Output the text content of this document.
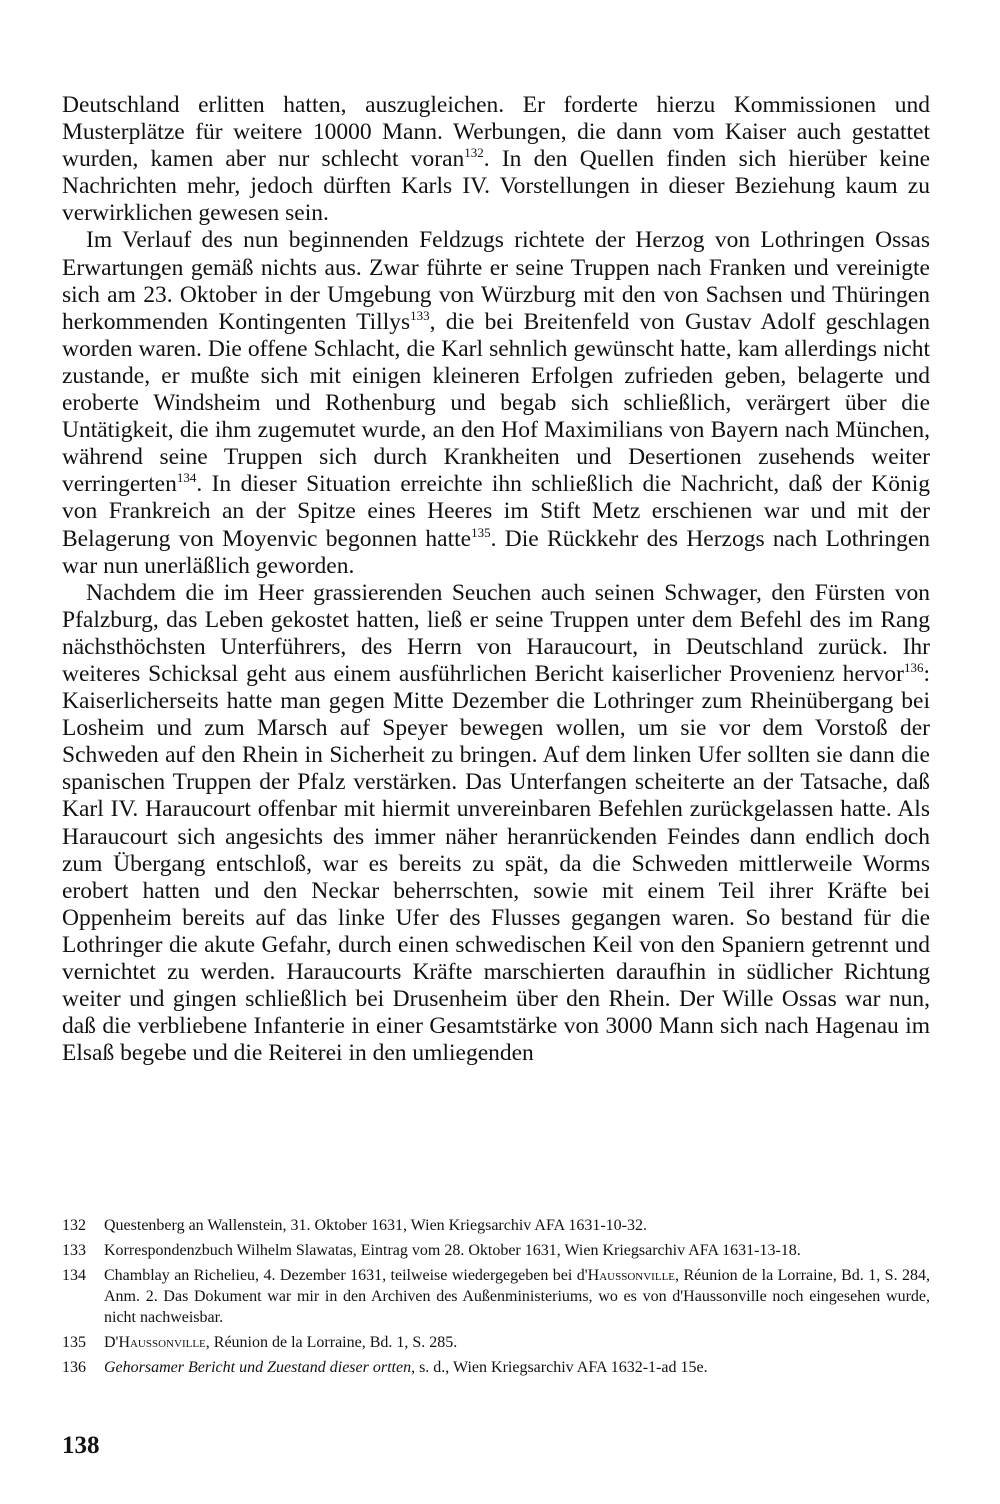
Deutschland erlitten hatten, auszugleichen. Er forderte hierzu Kommissionen und Musterplätze für weitere 10000 Mann. Werbungen, die dann vom Kaiser auch gestattet wurden, kamen aber nur schlecht voran$^{132}$. In den Quellen finden sich hierüber keine Nachrichten mehr, jedoch dürften Karls IV. Vorstellungen in dieser Beziehung kaum zu verwirklichen gewesen sein.

Im Verlauf des nun beginnenden Feldzugs richtete der Herzog von Lothringen Ossas Erwartungen gemäß nichts aus. Zwar führte er seine Truppen nach Franken und vereinigte sich am 23. Oktober in der Umgebung von Würzburg mit den von Sachsen und Thüringen herkommenden Kontingenten Tillys$^{133}$, die bei Breitenfeld von Gustav Adolf geschlagen worden waren. Die offene Schlacht, die Karl sehnlich gewünscht hatte, kam allerdings nicht zustande, er mußte sich mit einigen kleineren Erfolgen zufrieden geben, belagerte und eroberte Windsheim und Rothenburg und begab sich schließlich, verärgert über die Untätigkeit, die ihm zugemutet wurde, an den Hof Maximilians von Bayern nach München, während seine Truppen sich durch Krankheiten und Desertionen zusehends weiter verringerten$^{134}$. In dieser Situation erreichte ihn schließlich die Nachricht, daß der König von Frankreich an der Spitze eines Heeres im Stift Metz erschienen war und mit der Belagerung von Moyenvic begonnen hatte$^{135}$. Die Rückkehr des Herzogs nach Lothringen war nun unerläßlich geworden.

Nachdem die im Heer grassierenden Seuchen auch seinen Schwager, den Fürsten von Pfalzburg, das Leben gekostet hatten, ließ er seine Truppen unter dem Befehl des im Rang nächsthöchsten Unterführers, des Herrn von Haraucourt, in Deutschland zurück. Ihr weiteres Schicksal geht aus einem ausführlichen Bericht kaiserlicher Provenienz hervor$^{136}$: Kaiserlicherseits hatte man gegen Mitte Dezember die Lothringer zum Rheinübergang bei Losheim und zum Marsch auf Speyer bewegen wollen, um sie vor dem Vorstoß der Schweden auf den Rhein in Sicherheit zu bringen. Auf dem linken Ufer sollten sie dann die spanischen Truppen der Pfalz verstärken. Das Unterfangen scheiterte an der Tatsache, daß Karl IV. Haraucourt offenbar mit hiermit unvereinbaren Befehlen zurückgelassen hatte. Als Haraucourt sich angesichts des immer näher heranrückenden Feindes dann endlich doch zum Übergang entschloß, war es bereits zu spät, da die Schweden mittlerweile Worms erobert hatten und den Neckar beherrschten, sowie mit einem Teil ihrer Kräfte bei Oppenheim bereits auf das linke Ufer des Flusses gegangen waren. So bestand für die Lothringer die akute Gefahr, durch einen schwedischen Keil von den Spaniern getrennt und vernichtet zu werden. Haraucourts Kräfte marschierten daraufhin in südlicher Richtung weiter und gingen schließlich bei Drusenheim über den Rhein. Der Wille Ossas war nun, daß die verbliebene Infanterie in einer Gesamtstärke von 3000 Mann sich nach Hagenau im Elsaß begebe und die Reiterei in den umliegenden

132	Questenberg an Wallenstein, 31. Oktober 1631, Wien Kriegsarchiv AFA 1631-10-32.
133	Korrespondenzbuch Wilhelm Slawatas, Eintrag vom 28. Oktober 1631, Wien Kriegsarchiv AFA 1631-13-18.
134	Chamblay an Richelieu, 4. Dezember 1631, teilweise wiedergegeben bei d'Haussonville, Réunion de la Lorraine, Bd. 1, S. 284, Anm. 2. Das Dokument war mir in den Archiven des Außenministeriums, wo es von d'Haussonville noch eingesehen wurde, nicht nachweisbar.
135	D'Haussonville, Réunion de la Lorraine, Bd. 1, S. 285.
136	Gehorsamer Bericht und Zuestand dieser ortten, s. d., Wien Kriegsarchiv AFA 1632-1-ad 15e.
138
